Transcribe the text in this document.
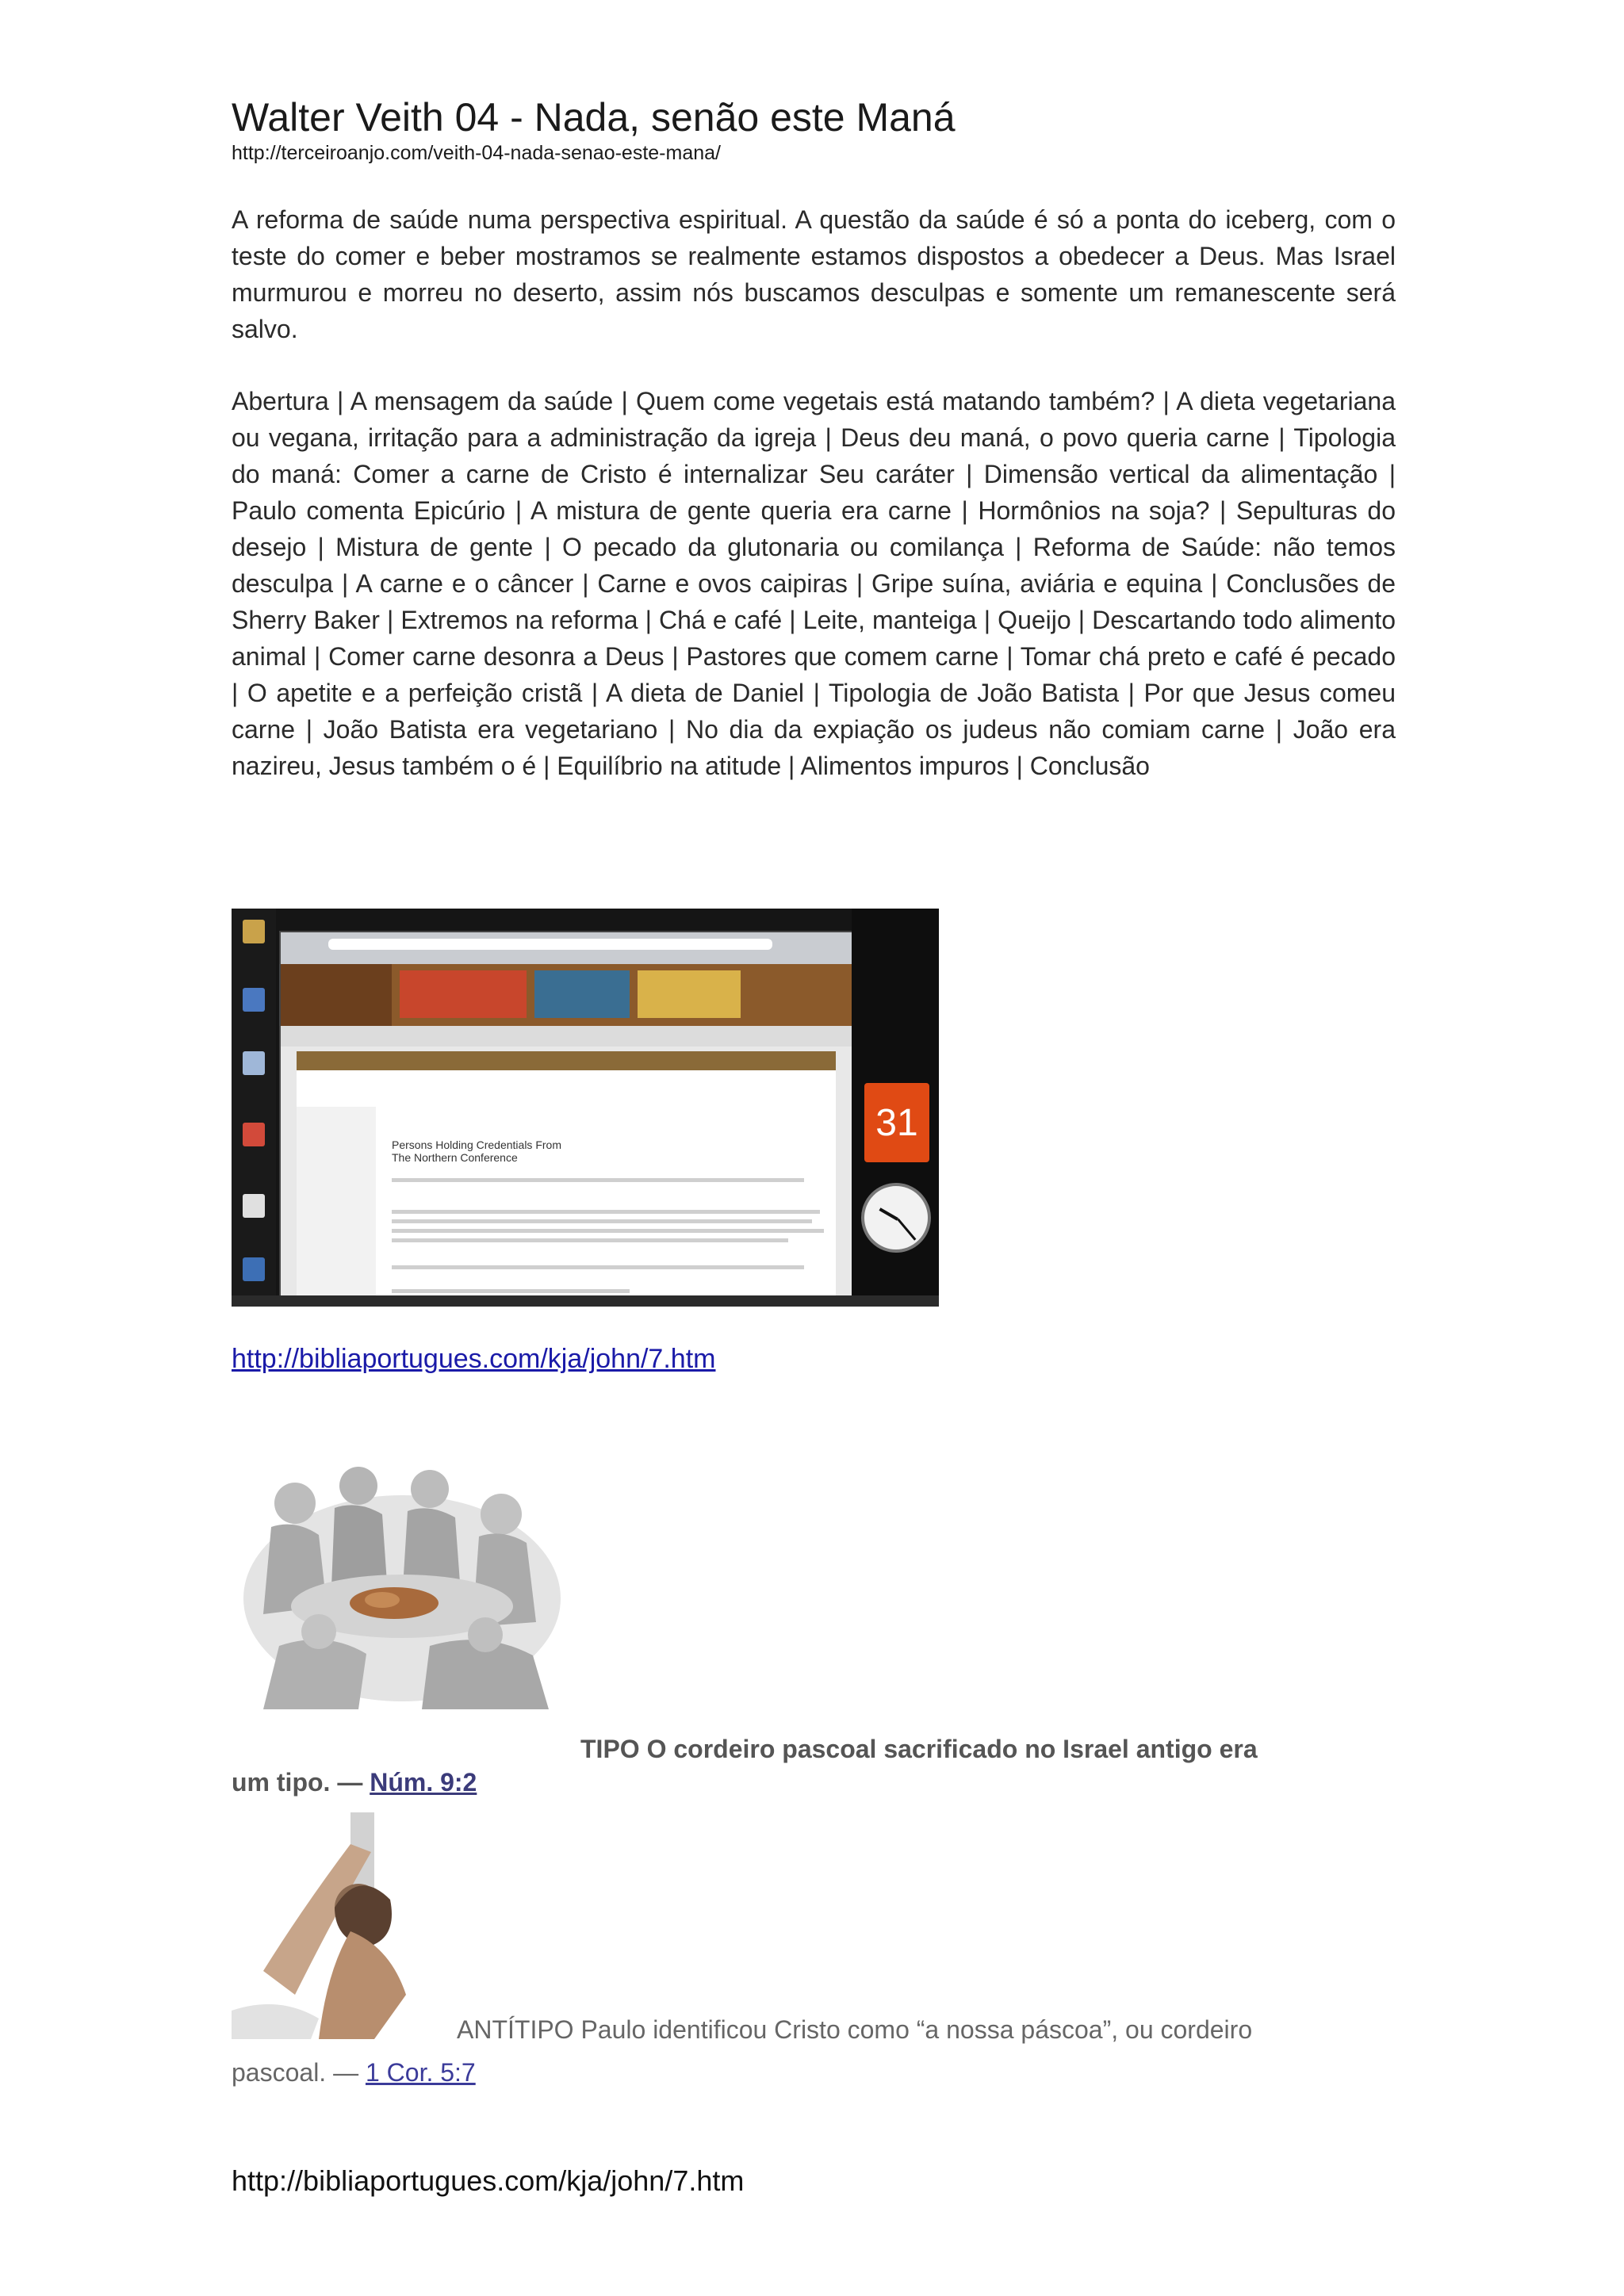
Walter Veith 04 - Nada, senão este Maná
http://terceiroanjo.com/veith-04-nada-senao-este-mana/
A reforma de saúde numa perspectiva espiritual. A questão da saúde é só a ponta do iceberg, com o teste do comer e beber mostramos se realmente estamos dispostos a obedecer a Deus. Mas Israel murmurou e morreu no deserto, assim nós buscamos desculpas e somente um remanescente será salvo.
Abertura | A mensagem da saúde | Quem come vegetais está matando também? | A dieta vegetariana ou vegana, irritação para a administração da igreja | Deus deu maná, o povo queria carne | Tipologia do maná: Comer a carne de Cristo é internalizar Seu caráter | Dimensão vertical da alimentação | Paulo comenta Epicúrio | A mistura de gente queria era carne | Hormônios na soja? | Sepulturas do desejo | Mistura de gente | O pecado da glutonaria ou comilança | Reforma de Saúde: não temos desculpa | A carne e o câncer | Carne e ovos caipiras | Gripe suína, aviária e equina | Conclusões de Sherry Baker | Extremos na reforma | Chá e café | Leite, manteiga | Queijo | Descartando todo alimento animal | Comer carne desonra a Deus | Pastores que comem carne | Tomar chá preto e café é pecado | O apetite e a perfeição cristã | A dieta de Daniel | Tipologia de João Batista | Por que Jesus comeu carne | João Batista era vegetariano | No dia da expiação os judeus não comiam carne | João era nazireu, Jesus também o é | Equilíbrio na atitude | Alimentos impuros | Conclusão
Persons Holding Credentials From
The Northern Conference
31
http://bibliaportugues.com/kja/john/7.htm
TIPO O cordeiro pascoal sacrificado no Israel antigo era
um tipo. — Núm. 9:2
ANTÍTIPO Paulo identificou Cristo como “a nossa páscoa”, ou cordeiro
pascoal. — 1 Cor. 5:7
http://bibliaportugues.com/kja/john/7.htm
